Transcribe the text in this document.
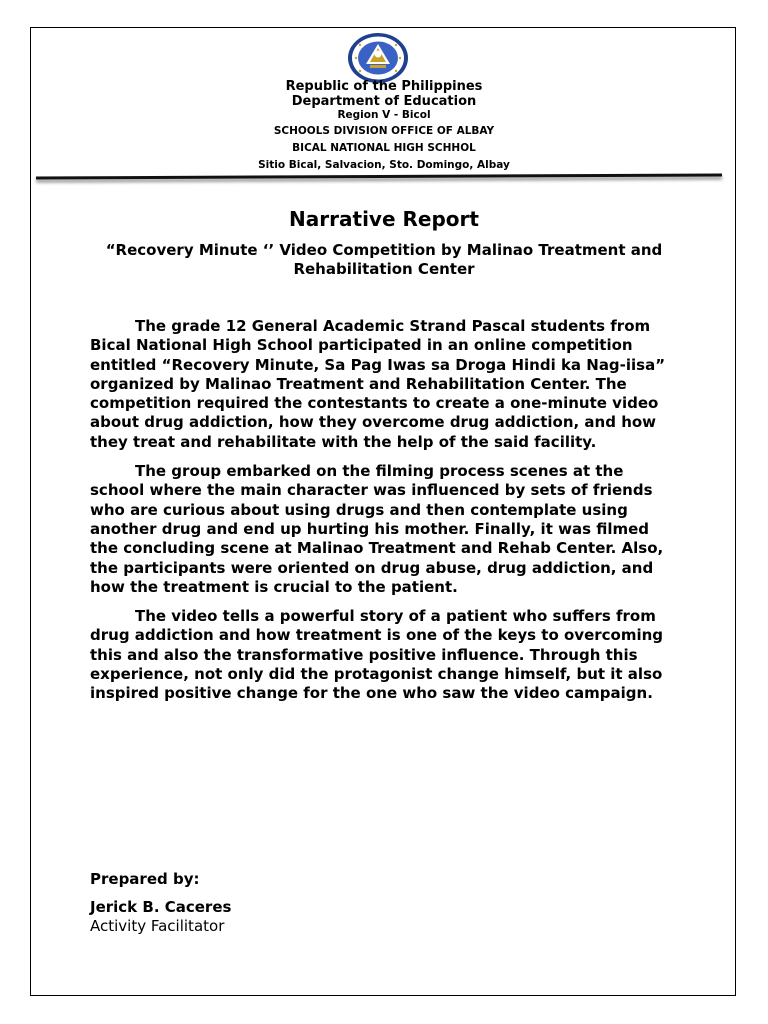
Republic of the Philippines
Department of Education
Region V - Bicol
SCHOOLS DIVISION OFFICE OF ALBAY
BICAL NATIONAL HIGH SCHHOL
Sitio Bical, Salvacion, Sto. Domingo, Albay
Narrative Report
“Recovery Minute ‘’ Video Competition by Malinao Treatment and Rehabilitation Center

The grade 12 General Academic Strand Pascal students from Bical National High School participated in an online competition entitled “Recovery Minute, Sa Pag Iwas sa Droga Hindi ka Nag-iisa” organized by Malinao Treatment and Rehabilitation Center. The competition required the contestants to create a one-minute video about drug addiction, how they overcome drug addiction, and how they treat and rehabilitate with the help of the said facility.

The group embarked on the filming process scenes at the school where the main character was influenced by sets of friends who are curious about using drugs and then contemplate using another drug and end up hurting his mother. Finally, it was filmed the concluding scene at Malinao Treatment and Rehab Center. Also, the participants were oriented on drug abuse, drug addiction, and how the treatment is crucial to the patient.

The video tells a powerful story of a patient who suffers from drug addiction and how treatment is one of the keys to overcoming this and also the transformative positive influence. Through this experience, not only did the protagonist change himself, but it also inspired positive change for the one who saw the video campaign.

Prepared by:
Jerick B. Caceres
Activity Facilitator
